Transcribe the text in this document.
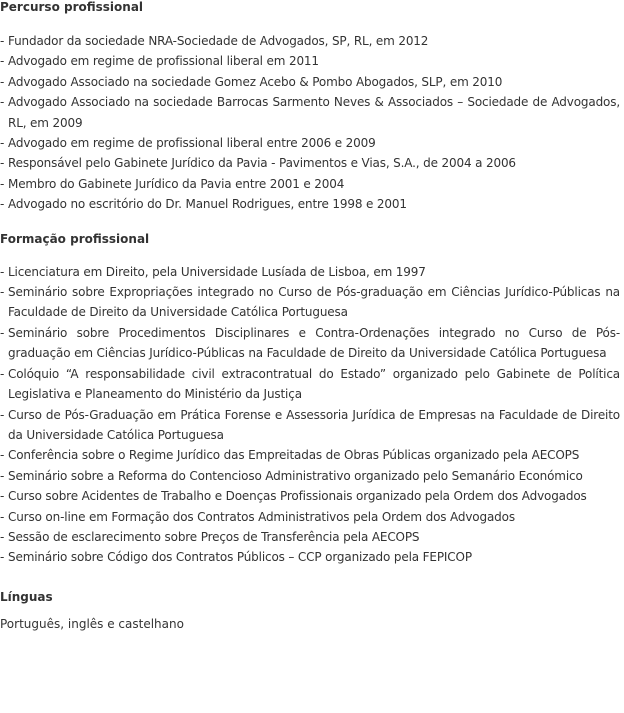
Percurso profissional
- Fundador da sociedade NRA-Sociedade de Advogados, SP, RL, em 2012
- Advogado em regime de profissional liberal em 2011
- Advogado Associado na sociedade Gomez Acebo & Pombo Abogados, SLP, em 2010
- Advogado Associado na sociedade Barrocas Sarmento Neves & Associados – Sociedade de Advogados, RL, em 2009
- Advogado em regime de profissional liberal entre 2006 e 2009
- Responsável pelo Gabinete Jurídico da Pavia - Pavimentos e Vias, S.A., de 2004 a 2006
- Membro do Gabinete Jurídico da Pavia entre 2001 e 2004
- Advogado no escritório do Dr. Manuel Rodrigues, entre 1998 e 2001
Formação profissional
- Licenciatura em Direito, pela Universidade Lusíada de Lisboa, em 1997
- Seminário sobre Expropriações integrado no Curso de Pós-graduação em Ciências Jurídico-Públicas na Faculdade de Direito da Universidade Católica Portuguesa
- Seminário sobre Procedimentos Disciplinares e Contra-Ordenações integrado no Curso de Pós-graduação em Ciências Jurídico-Públicas na Faculdade de Direito da Universidade Católica Portuguesa
- Colóquio “A responsabilidade civil extracontratual do Estado” organizado pelo Gabinete de Política Legislativa e Planeamento do Ministério da Justiça
- Curso de Pós-Graduação em Prática Forense e Assessoria Jurídica de Empresas na Faculdade de Direito da Universidade Católica Portuguesa
- Conferência sobre o Regime Jurídico das Empreitadas de Obras Públicas organizado pela AECOPS
- Seminário sobre a Reforma do Contencioso Administrativo organizado pelo Semanário Económico
- Curso sobre Acidentes de Trabalho e Doenças Profissionais organizado pela Ordem dos Advogados
- Curso on-line em Formação dos Contratos Administrativos pela Ordem dos Advogados
- Sessão de esclarecimento sobre Preços de Transferência pela AECOPS
- Seminário sobre Código dos Contratos Públicos – CCP organizado pela FEPICOP
Línguas

Português, inglês e castelhano
